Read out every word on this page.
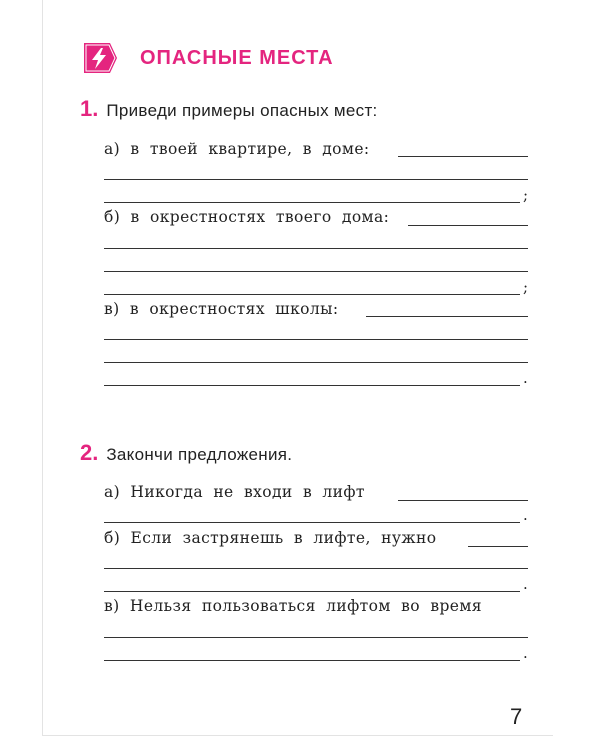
ОПАСНЫЕ МЕСТА
1. Приведи примеры опасных мест:
а) в твоей квартире, в доме:
;
б) в окрестностях твоего дома:
;
в) в окрестностях школы:
.
2. Закончи предложения.
а) Никогда не входи в лифт
.
б) Если застрянешь в лифте, нужно
.
в) Нельзя пользоваться лифтом во время
.
7
